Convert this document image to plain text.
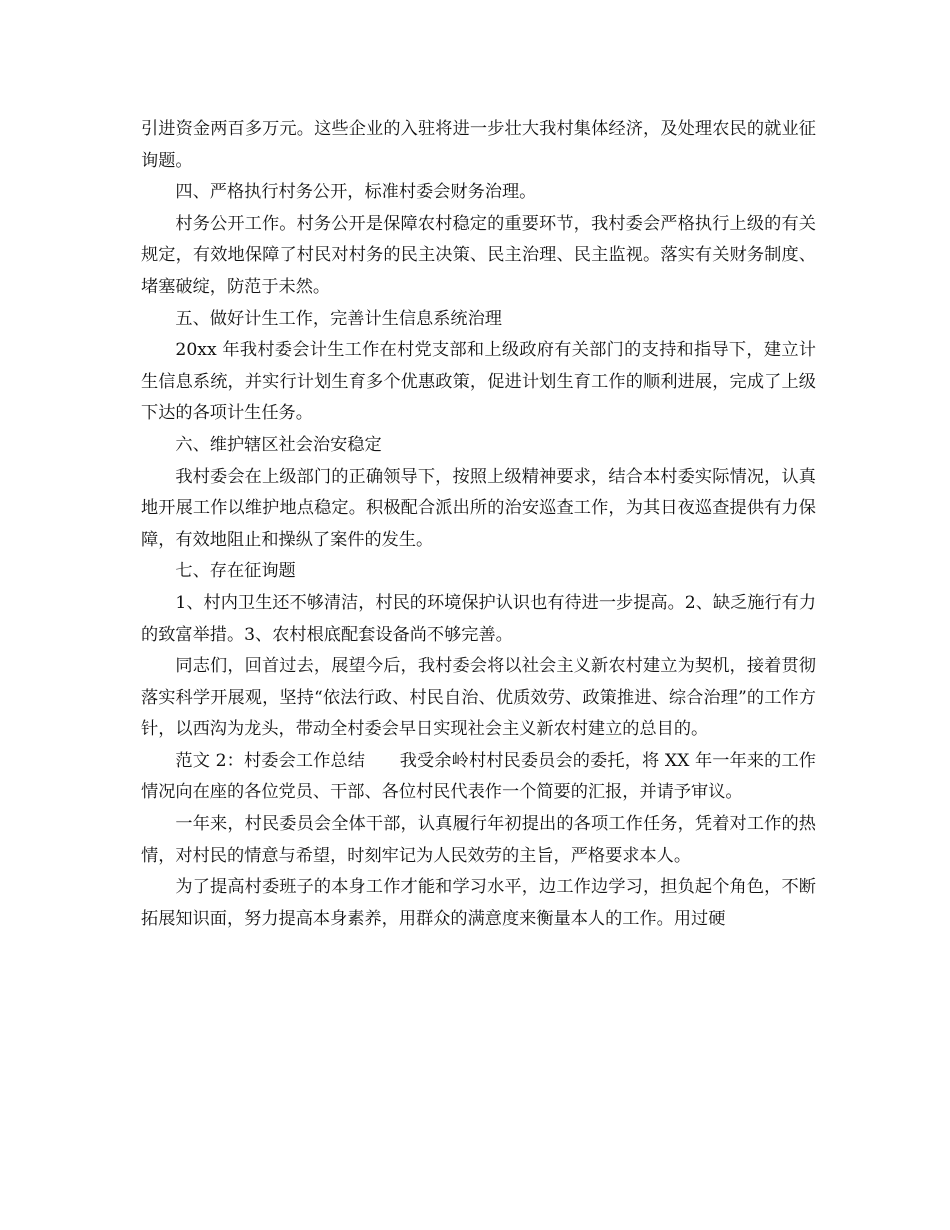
引进资金两百多万元。这些企业的入驻将进一步壮大我村集体经济，及处理农民的就业征询题。

四、严格执行村务公开，标准村委会财务治理。

村务公开工作。村务公开是保障农村稳定的重要环节，我村委会严格执行上级的有关规定，有效地保障了村民对村务的民主决策、民主治理、民主监视。落实有关财务制度、堵塞破绽，防范于未然。

五、做好计生工作，完善计生信息系统治理

20xx 年我村委会计生工作在村党支部和上级政府有关部门的支持和指导下，建立计生信息系统，并实行计划生育多个优惠政策，促进计划生育工作的顺利进展，完成了上级下达的各项计生任务。

六、维护辖区社会治安稳定

我村委会在上级部门的正确领导下，按照上级精神要求，结合本村委实际情况，认真地开展工作以维护地点稳定。积极配合派出所的治安巡查工作，为其日夜巡查提供有力保障，有效地阻止和操纵了案件的发生。

七、存在征询题

1、村内卫生还不够清洁，村民的环境保护认识也有待进一步提高。2、缺乏施行有力的致富举措。3、农村根底配套设备尚不够完善。

同志们，回首过去，展望今后，我村委会将以社会主义新农村建立为契机，接着贯彻落实科学开展观，坚持“依法行政、村民自治、优质效劳、政策推进、综合治理”的工作方针，以西沟为龙头，带动全村委会早日实现社会主义新农村建立的总目的。

范文 2：村委会工作总结　　我受余岭村村民委员会的委托，将 XX 年一年来的工作情况向在座的各位党员、干部、各位村民代表作一个简要的汇报，并请予审议。

一年来，村民委员会全体干部，认真履行年初提出的各项工作任务，凭着对工作的热情，对村民的情意与希望，时刻牢记为人民效劳的主旨，严格要求本人。

为了提高村委班子的本身工作才能和学习水平，边工作边学习，担负起个角色，不断拓展知识面，努力提高本身素养，用群众的满意度来衡量本人的工作。用过硬
